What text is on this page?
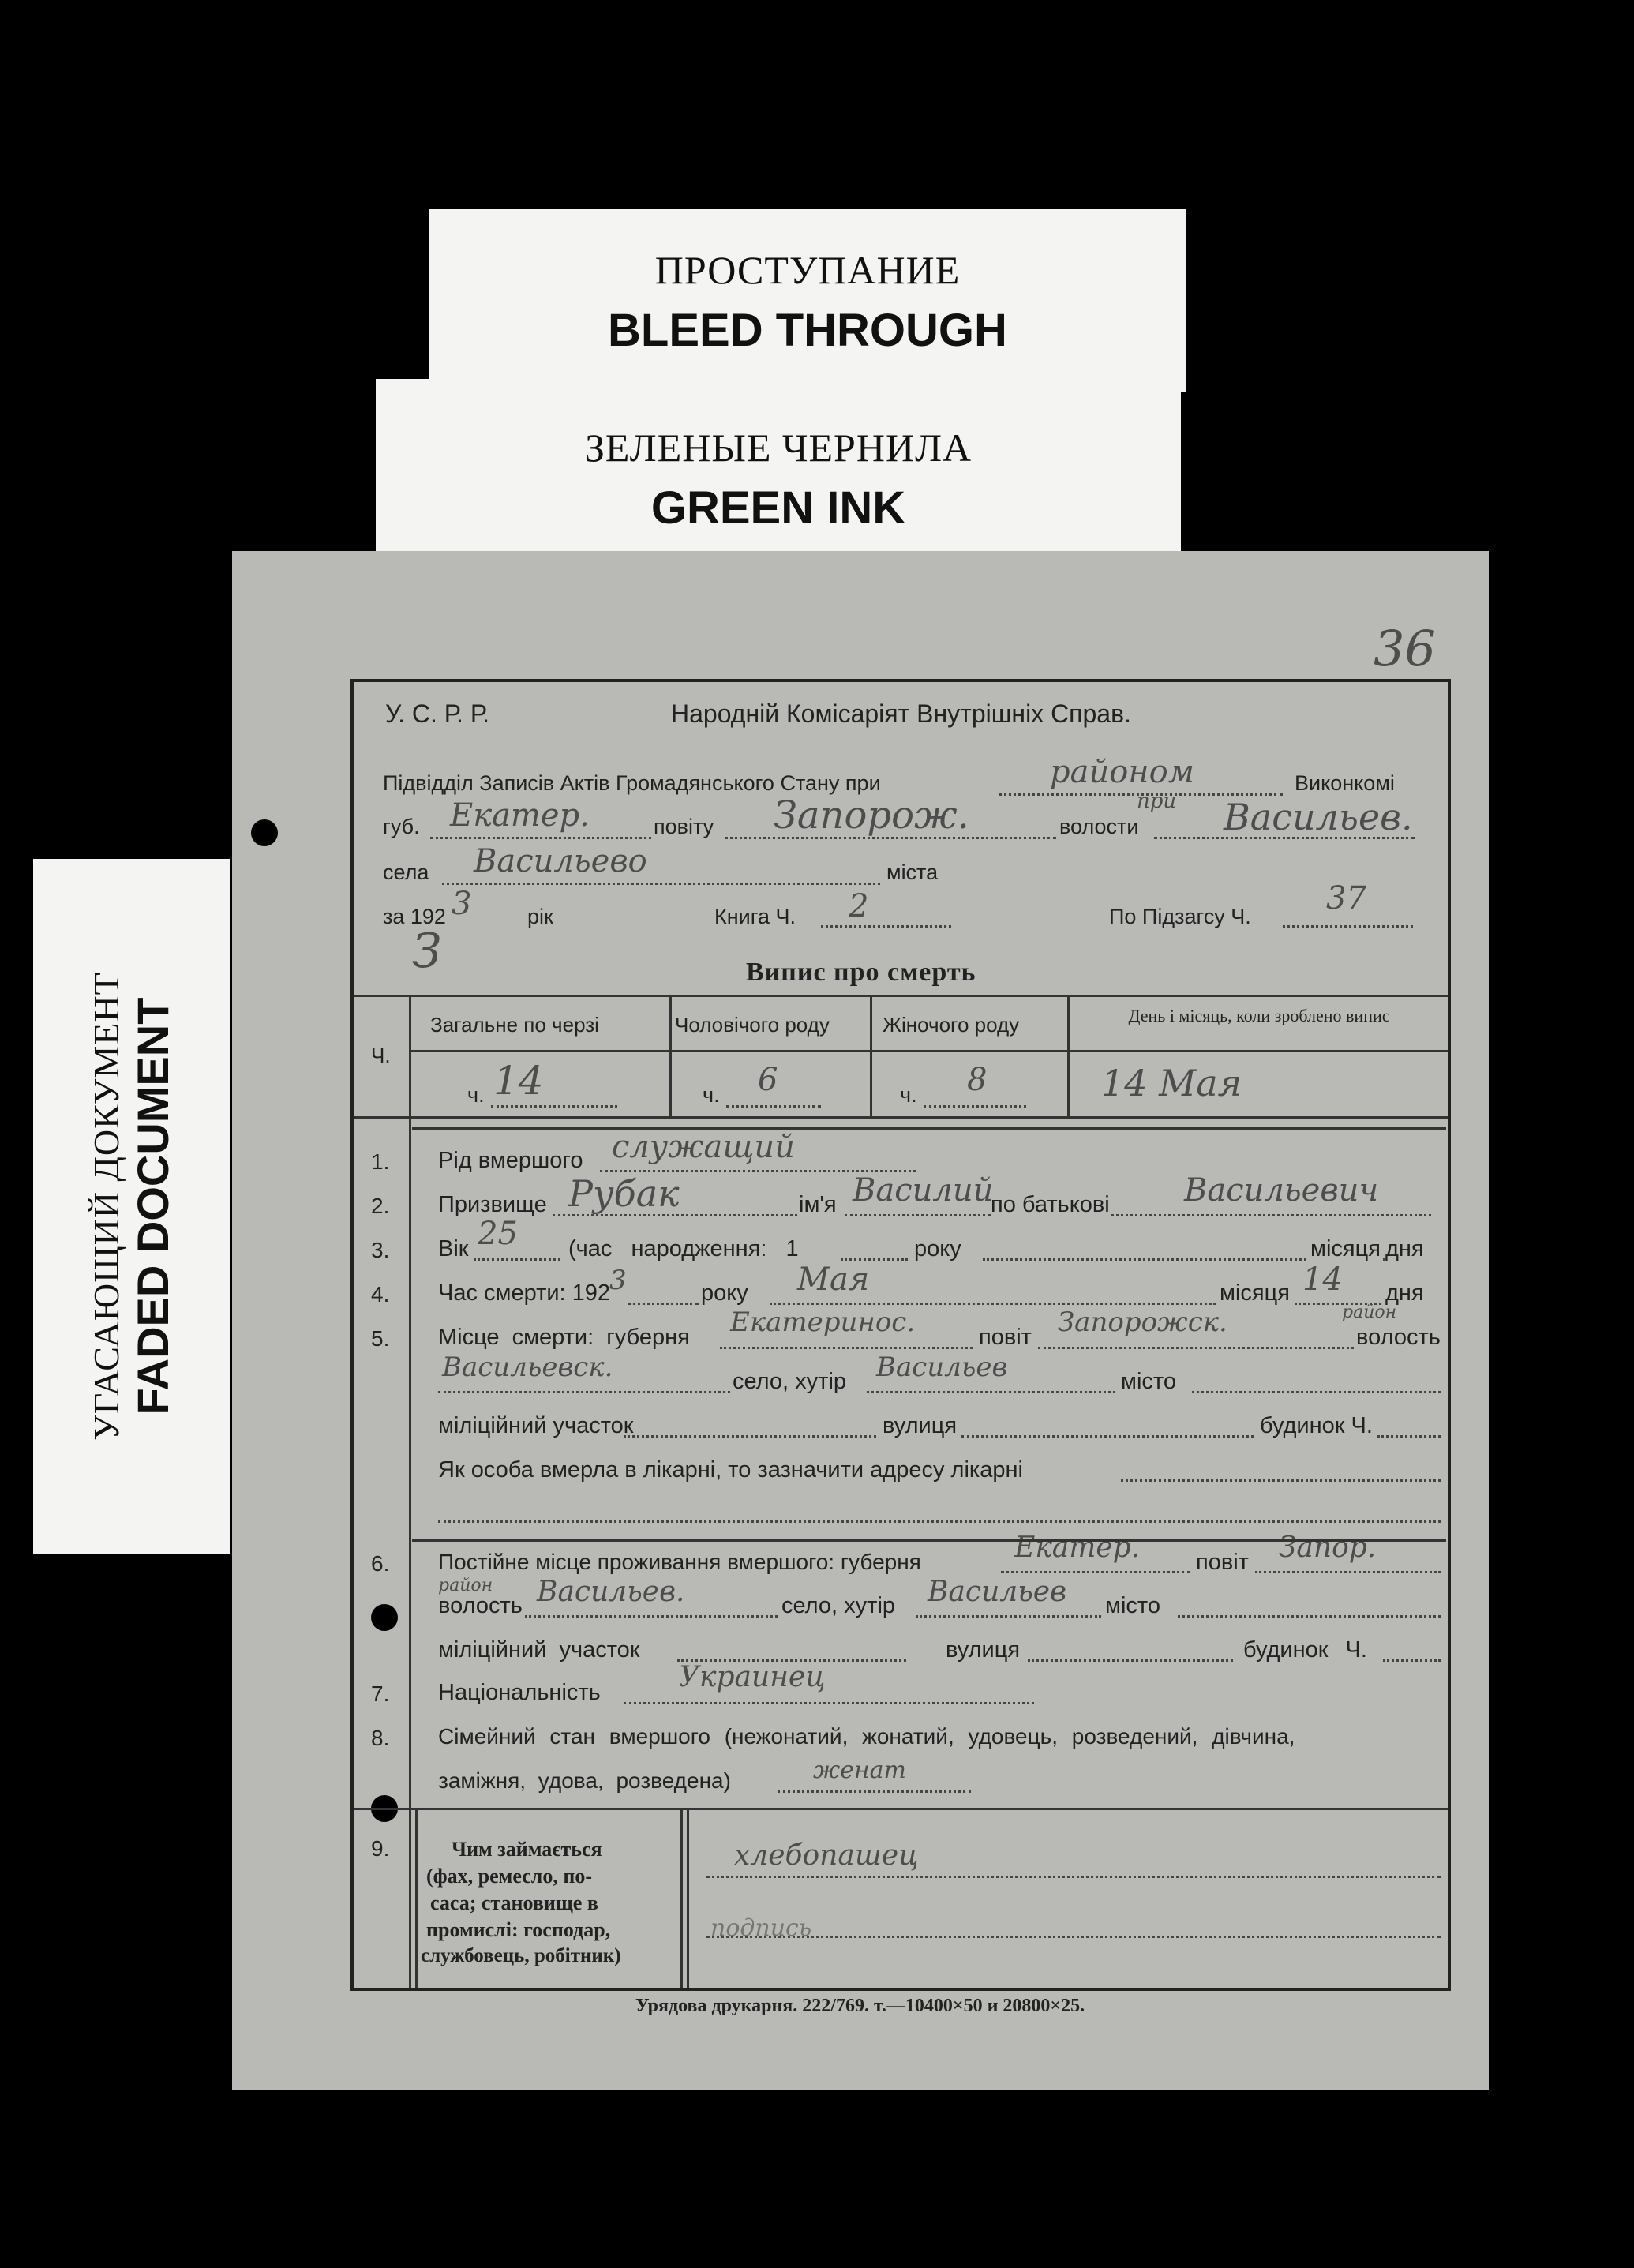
ПРОСТУПАНИЕ
BLEED THROUGH
ЗЕЛЕНЫЕ ЧЕРНИЛА
GREEN INK
УГАСАЮЩИЙ ДОКУМЕНТ FADED DOCUMENT
36
У. С. Р. Р.	Народній Комісаріят Внутрішніх Справ.
Підвідділ Записів Актів Громадянського Стану при	районом	Виконкомі
губ. Екатер.	повіту Запорож.	при
волости Васильев.
села Васильево	міста
за 192 3	рік	Книга Ч. 2	По Підзагсу Ч. 37
З	Випис про смерть
Ч.
Загальне по черзі	Чоловічого роду	Жіночого роду	День і місяць, коли зроблено випис
ч. 14	ч. 6	ч. 8	14 Мая
1. Рід вмершого служащий
2. Призвище Рубак	ім'я Василий
по батькові Васильевич
3. Вік 25 (час народження: 1	року	місяця дня
4. Час смерти: 192
3	року Мая	місяця 14 дня
5. Місце смерти: губерня Екатеринос.	повіт Запорожск.	район
волость
Васильевск.	село, хутір Васильев	місто
міліційний участок	вулиця	будинок Ч.
Як особа вмерла в лікарні, то зазначити адресу лікарні
6. Постійне місце проживання вмершого: губерня	Екатер. повіт Запор.
район
волость Васильев.	село, хутір Васильев місто
міліційний участок	вулиця	будинок Ч.
7. Національність	Украинец
8. Сімейний стан вмершого (нежонатий, жонатий, удовець, розведений, дівчина,
заміжня, удова, розведена)	женат
9.	Чим займається
(фах, ремесло, по-
саса; становище в
промислі: господар,
службовець, робітник)
хлебопашец
подпись
Урядова друкарня. 222/769. т.—10400×50 и 20800×25.
